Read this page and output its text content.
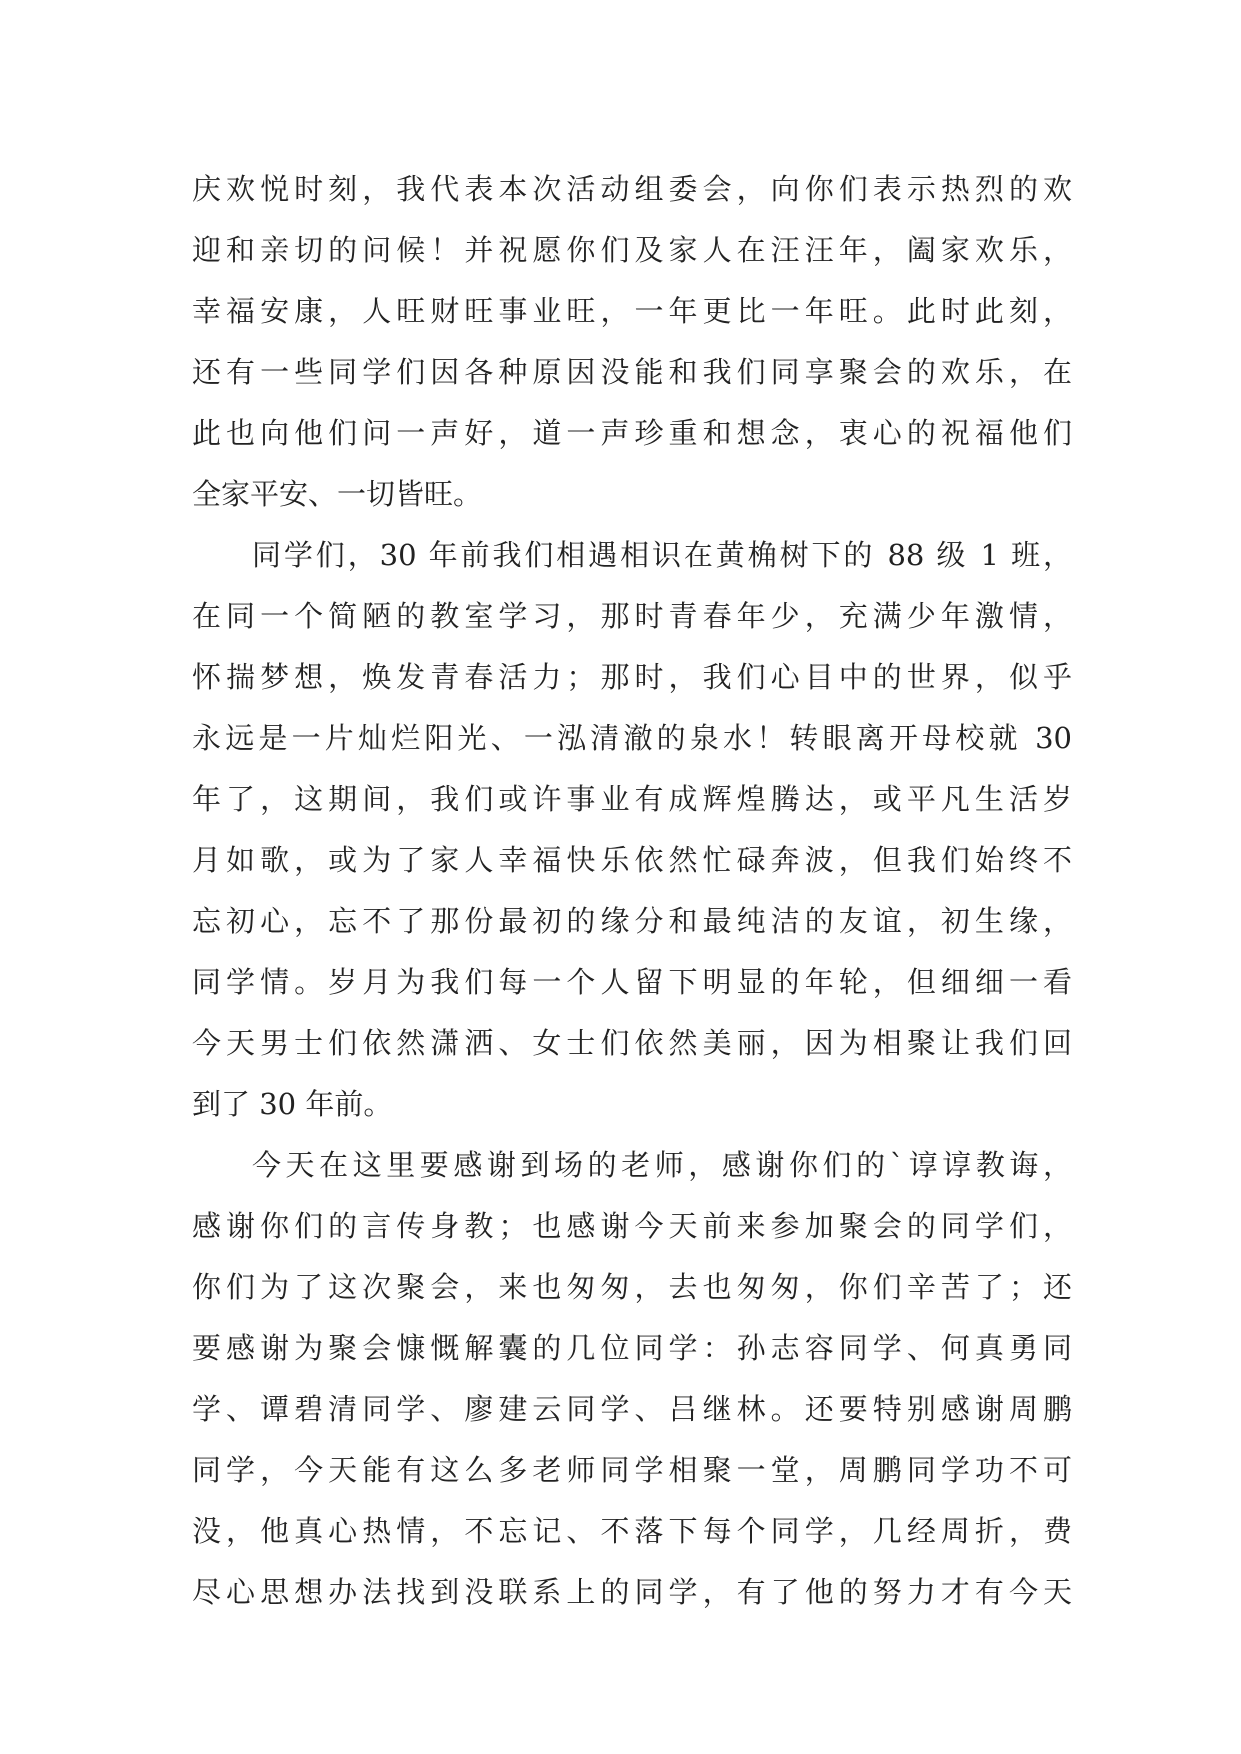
庆欢悦时刻，我代表本次活动组委会，向你们表示热烈的欢
迎和亲切的问候！并祝愿你们及家人在汪汪年，阖家欢乐，
幸福安康，人旺财旺事业旺，一年更比一年旺。此时此刻，
还有一些同学们因各种原因没能和我们同享聚会的欢乐，在
此也向他们问一声好，道一声珍重和想念，衷心的祝福他们
全家平安、一切皆旺。
同学们，30 年前我们相遇相识在黄桷树下的 88 级 1 班，
在同一个简陋的教室学习，那时青春年少，充满少年激情，
怀揣梦想，焕发青春活力；那时，我们心目中的世界，似乎
永远是一片灿烂阳光、一泓清澈的泉水！转眼离开母校就 30
年了，这期间，我们或许事业有成辉煌腾达，或平凡生活岁
月如歌，或为了家人幸福快乐依然忙碌奔波，但我们始终不
忘初心，忘不了那份最初的缘分和最纯洁的友谊，初生缘，
同学情。岁月为我们每一个人留下明显的年轮，但细细一看
今天男士们依然潇洒、女士们依然美丽，因为相聚让我们回
到了 30 年前。
今天在这里要感谢到场的老师，感谢你们的`谆谆教诲，
感谢你们的言传身教；也感谢今天前来参加聚会的同学们，
你们为了这次聚会，来也匆匆，去也匆匆，你们辛苦了；还
要感谢为聚会慷慨解囊的几位同学：孙志容同学、何真勇同
学、谭碧清同学、廖建云同学、吕继林。还要特别感谢周鹏
同学，今天能有这么多老师同学相聚一堂，周鹏同学功不可
没，他真心热情，不忘记、不落下每个同学，几经周折，费
尽心思想办法找到没联系上的同学，有了他的努力才有今天
